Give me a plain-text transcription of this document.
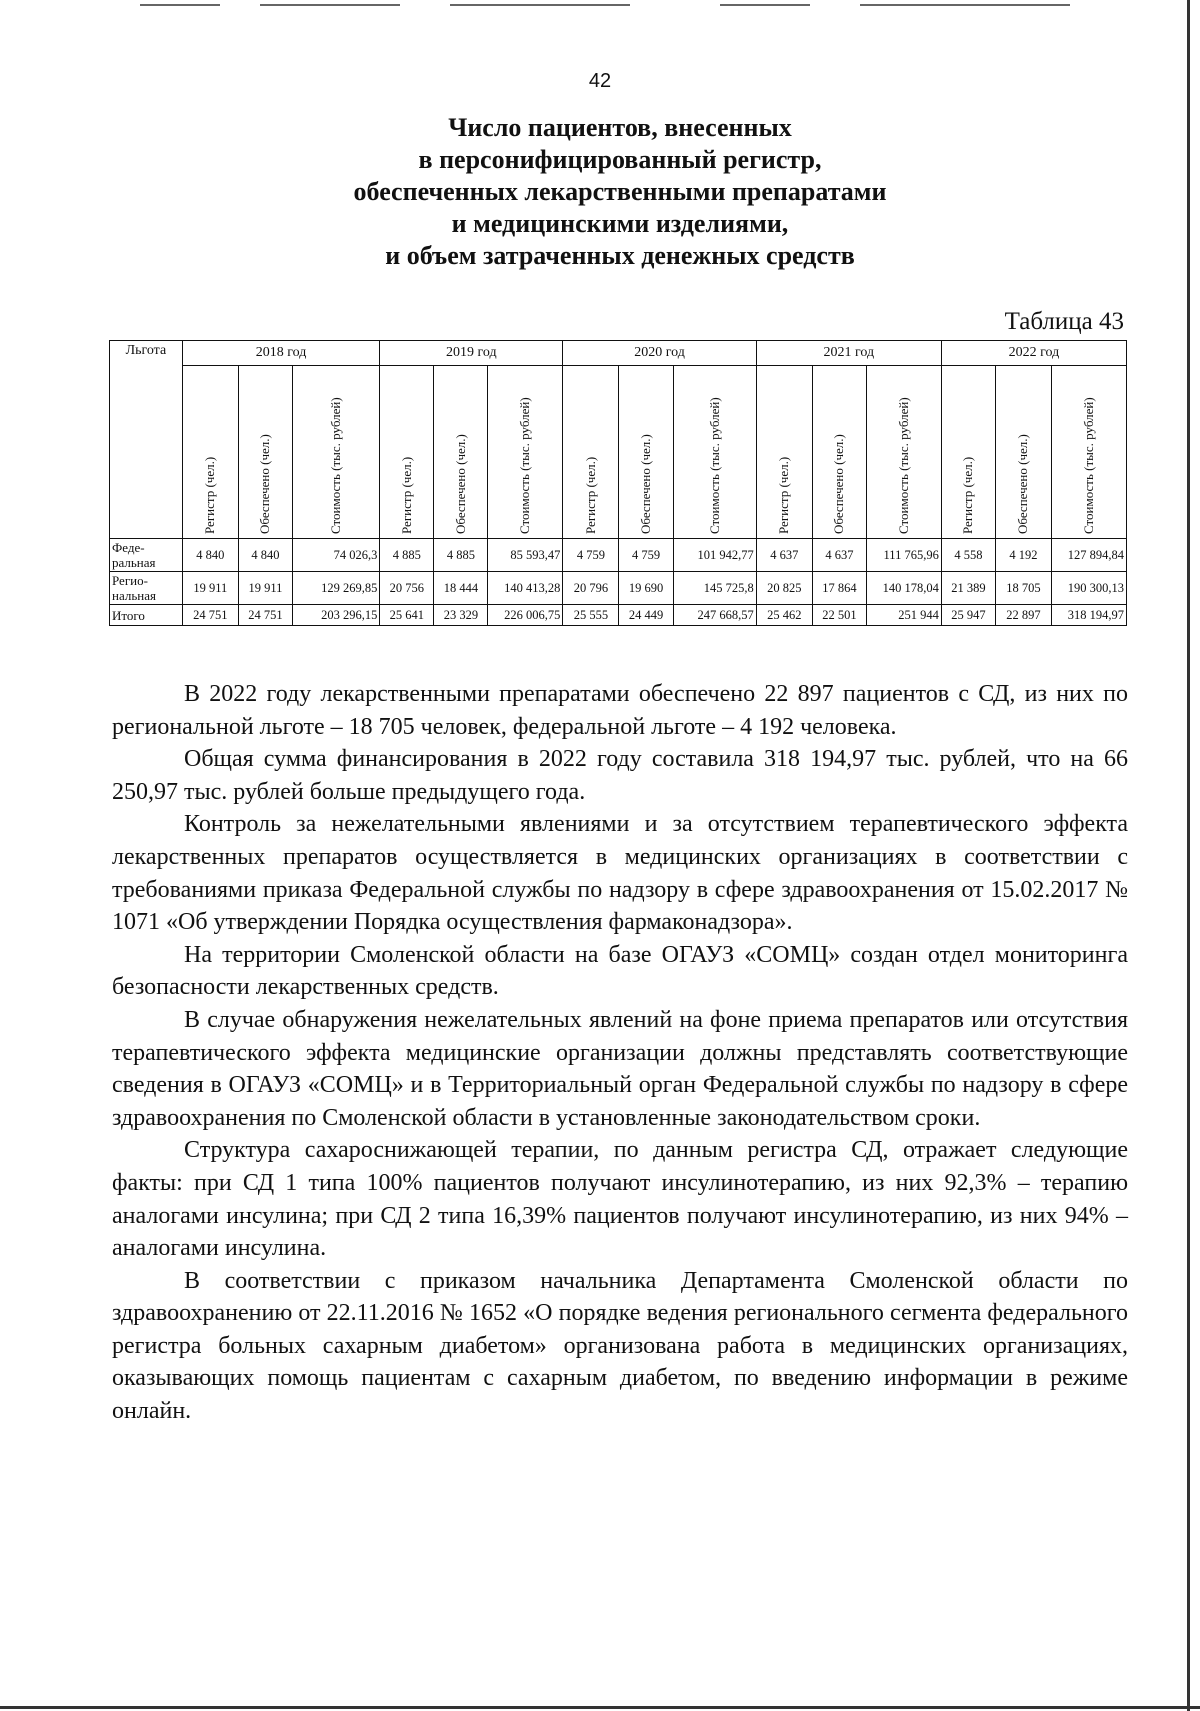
42
Число пациентов, внесенных
в персонифицированный регистр,
обеспеченных лекарственными препаратами
и медицинскими изделиями,
и объем затраченных денежных средств
Таблица 43
Льгота	2018 год			2019 год			2020 год			2021 год			2022 год		

	Регистр (чел.)	Обеспечено (чел.)	Стоимость (тыс. рублей)	Регистр (чел.)	Обеспечено (чел.)	Стоимость (тыс. рублей)	Регистр (чел.)	Обеспечено (чел.)	Стоимость (тыс. рублей)	Регистр (чел.)	Обеспечено (чел.)	Стоимость (тыс. рублей)	Регистр (чел.)	Обеспечено (чел.)	Стоимость (тыс. рублей)

Феде-ральная	4 840	4 840	74 026,3	4 885	4 885	85 593,47	4 759	4 759	101 942,77	4 637	4 637	111 765,96	4 558	4 192	127 894,84
Регио-нальная	19 911	19 911	129 269,85	20 756	18 444	140 413,28	20 796	19 690	145 725,8	20 825	17 864	140 178,04	21 389	18 705	190 300,13
Итого	24 751	24 751	203 296,15	25 641	23 329	226 006,75	25 555	24 449	247 668,57	25 462	22 501	251 944	25 947	22 897	318 194,97

В 2022 году лекарственными препаратами обеспечено 22 897 пациентов с СД, из них по региональной льготе – 18 705 человек, федеральной льготе – 4 192 человека.

Общая сумма финансирования в 2022 году составила 318 194,97 тыс. рублей, что на 66 250,97 тыс. рублей больше предыдущего года.

Контроль за нежелательными явлениями и за отсутствием терапевтического эффекта лекарственных препаратов осуществляется в медицинских организациях в соответствии с требованиями приказа Федеральной службы по надзору в сфере здравоохранения от 15.02.2017 № 1071 «Об утверждении Порядка осуществления фармаконадзора».

На территории Смоленской области на базе ОГАУЗ «СОМЦ» создан отдел мониторинга безопасности лекарственных средств.

В случае обнаружения нежелательных явлений на фоне приема препаратов или отсутствия терапевтического эффекта медицинские организации должны представлять соответствующие сведения в ОГАУЗ «СОМЦ» и в Территориальный орган Федеральной службы по надзору в сфере здравоохранения по Смоленской области в установленные законодательством сроки.

Структура сахароснижающей терапии, по данным регистра СД, отражает следующие факты: при СД 1 типа 100% пациентов получают инсулинотерапию, из них 92,3% – терапию аналогами инсулина; при СД 2 типа 16,39% пациентов получают инсулинотерапию, из них 94% – аналогами инсулина.

В соответствии с приказом начальника Департамента Смоленской области по здравоохранению от 22.11.2016 № 1652 «О порядке ведения регионального сегмента федерального регистра больных сахарным диабетом» организована работа в медицинских организациях, оказывающих помощь пациентам с сахарным диабетом, по введению информации в режиме онлайн.
